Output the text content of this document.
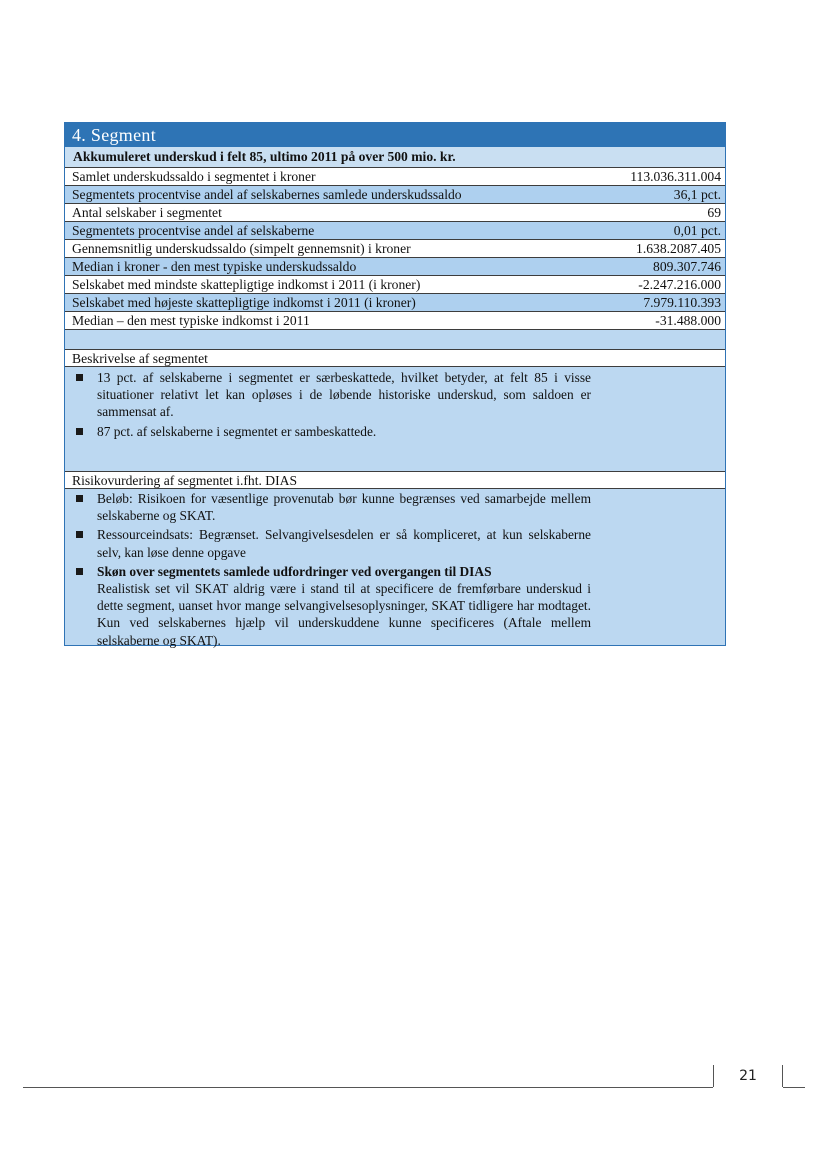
4. Segment
Akkumuleret underskud i felt 85, ultimo 2011 på over 500 mio. kr.
Samlet underskudssaldo i segmentet i kroner	113.036.311.004
Segmentets procentvise andel af selskabernes samlede underskudssaldo	36,1 pct.
Antal selskaber i segmentet	69
Segmentets procentvise andel af selskaberne	0,01 pct.
Gennemsnitlig underskudssaldo (simpelt gennemsnit) i kroner	1.638.2087.405
Median i kroner - den mest typiske underskudssaldo	809.307.746
Selskabet med mindste skattepligtige indkomst i 2011 (i kroner)	-2.247.216.000
Selskabet med højeste skattepligtige indkomst i 2011 (i kroner)	7.979.110.393
Median – den mest typiske indkomst i 2011	-31.488.000
Beskrivelse af segmentet
13 pct. af selskaberne i segmentet er særbeskattede, hvilket betyder, at felt 85 i visse situationer relativt let kan opløses i de løbende historiske underskud, som saldoen er sammensat af.
87 pct. af selskaberne i segmentet er sambeskattede.
Risikovurdering af segmentet i.fht. DIAS
Beløb: Risikoen for væsentlige provenutab bør kunne begrænses ved samarbejde mellem selskaberne og SKAT.
Ressourceindsats: Begrænset. Selvangivelsesdelen er så kompliceret, at kun selskaberne selv, kan løse denne opgave
Skøn over segmentets samlede udfordringer ved overgangen til DIAS
Realistisk set vil SKAT aldrig være i stand til at specificere de fremførbare underskud i dette segment, uanset hvor mange selvangivelsesoplysninger, SKAT tidligere har modtaget. Kun ved selskabernes hjælp vil underskuddene kunne specificeres (Aftale mellem selskaberne og SKAT).
21
